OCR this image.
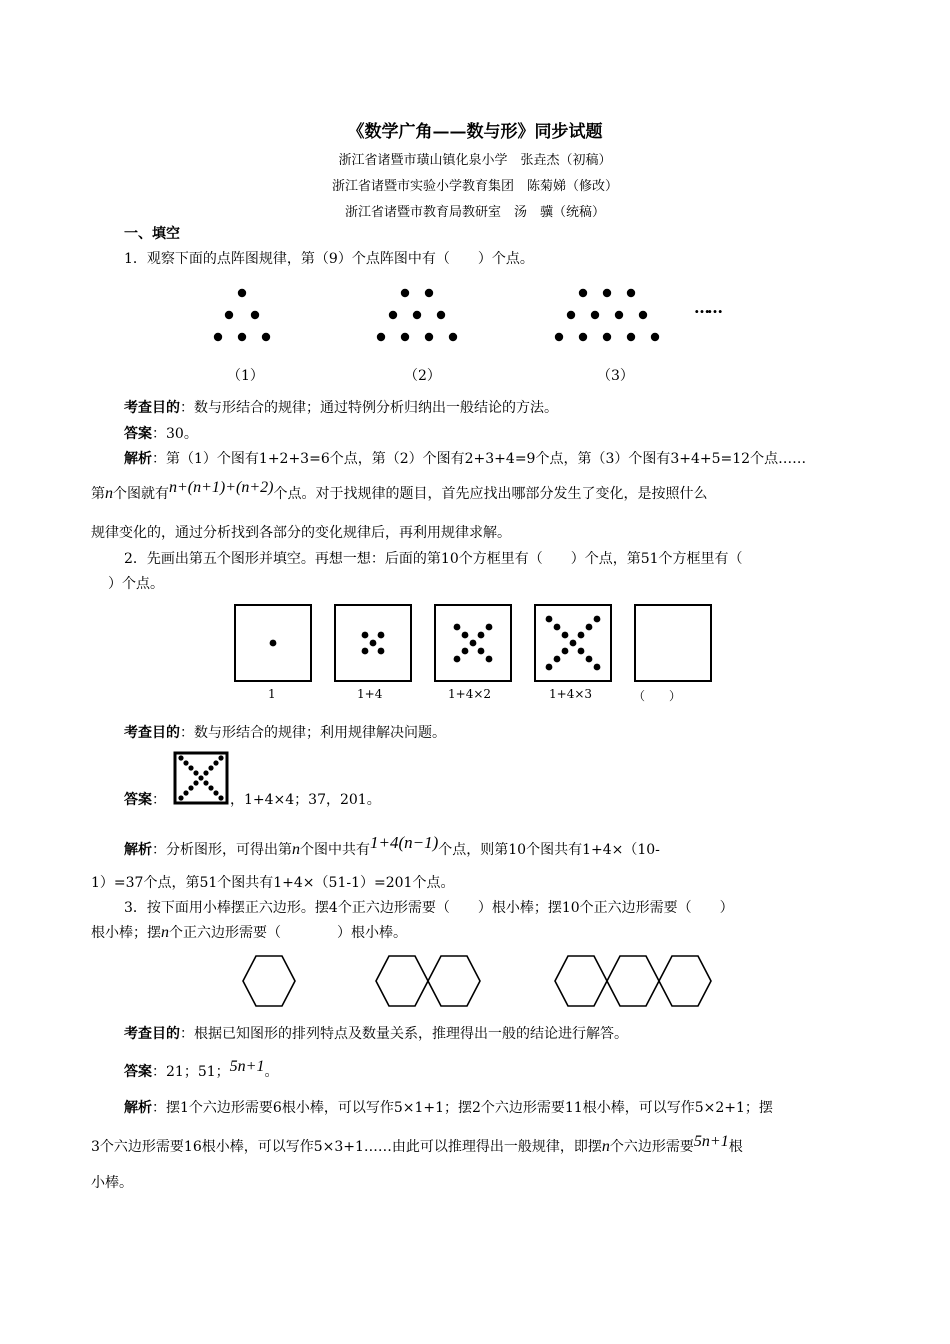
《数学广角——数与形》同步试题
浙江省诸暨市璜山镇化泉小学　张垚杰（初稿）
浙江省诸暨市实验小学教育集团　陈菊娣（修改）
浙江省诸暨市教育局教研室　汤　骥（统稿）
一、填空
1．观察下面的点阵图规律，第（9）个点阵图中有（　　）个点。
……
（1）	（2）	（3）
考查目的：数与形结合的规律；通过特例分析归纳出一般结论的方法。
答案：30。
解析：第（1）个图有1+2+3=6个点，第（2）个图有2+3+4=9个点，第（3）个图有3+4+5=12个点……
第n个图就有n+(n+1)+(n+2)个点。对于找规律的题目，首先应找出哪部分发生了变化，是按照什么
规律变化的，通过分析找到各部分的变化规律后，再利用规律求解。
2．先画出第五个图形并填空。再想一想：后面的第10个方框里有（　　）个点，第51个方框里有（
）个点。
1	1+4	1+4×2	1+4×3	（　　）
考查目的：数与形结合的规律；利用规律解决问题。
答案：	，1+4×4；37，201。
解析：分析图形，可得出第n个图中共有1+4(n−1)个点，则第10个图共有1+4×（10-
1）=37个点，第51个图共有1+4×（51-1）=201个点。
3．按下面用小棒摆正六边形。摆4个正六边形需要（　　）根小棒；摆10个正六边形需要（　　）
根小棒；摆n个正六边形需要（　　　　）根小棒。
考查目的：根据已知图形的排列特点及数量关系，推理得出一般的结论进行解答。
答案：21；51；5n+1。
解析：摆1个六边形需要6根小棒，可以写作5×1+1；摆2个六边形需要11根小棒，可以写作5×2+1；摆
3个六边形需要16根小棒，可以写作5×3+1……由此可以推理得出一般规律，即摆n个六边形需要5n+1根
小棒。
